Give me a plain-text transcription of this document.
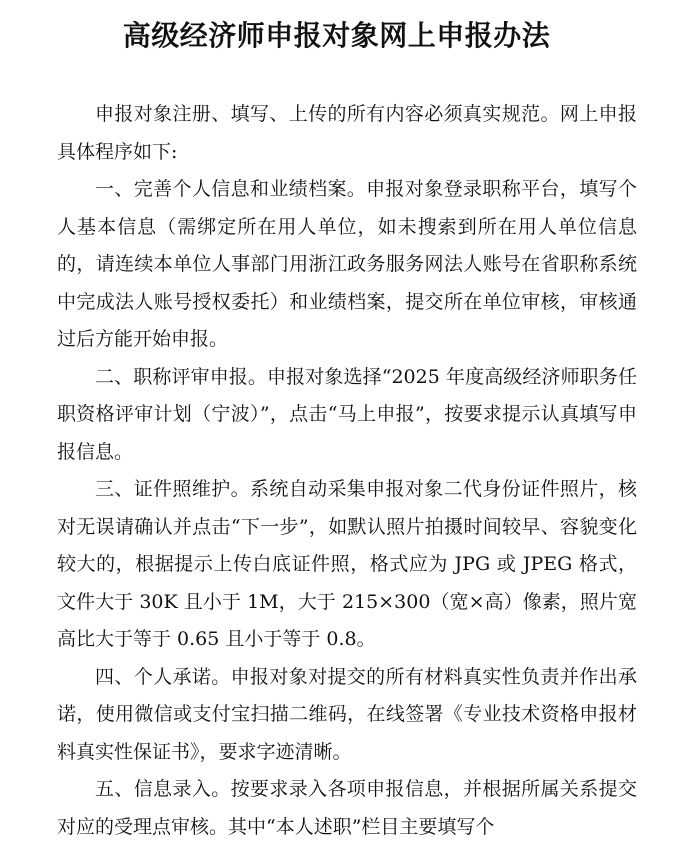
高级经济师申报对象网上申报办法

申报对象注册、填写、上传的所有内容必须真实规范。网上申报具体程序如下:

一、完善个人信息和业绩档案。申报对象登录职称平台，填写个人基本信息（需绑定所在用人单位，如未搜索到所在用人单位信息的，请连续本单位人事部门用浙江政务服务网法人账号在省职称系统中完成法人账号授权委托）和业绩档案，提交所在单位审核，审核通过后方能开始申报。

二、职称评审申报。申报对象选择“2025 年度高级经济师职务任职资格评审计划（宁波）”，点击“马上申报”，按要求提示认真填写申报信息。

三、证件照维护。系统自动采集申报对象二代身份证件照片，核对无误请确认并点击“下一步”，如默认照片拍摄时间较早、容貌变化较大的，根据提示上传白底证件照，格式应为 JPG 或 JPEG 格式，文件大于 30K 且小于 1M，大于 215×300（宽×高）像素，照片宽高比大于等于 0.65 且小于等于 0.8。

四、个人承诺。申报对象对提交的所有材料真实性负责并作出承诺，使用微信或支付宝扫描二维码，在线签署《专业技术资格申报材料真实性保证书》，要求字迹清晰。

五、信息录入。按要求录入各项申报信息，并根据所属关系提交对应的受理点审核。其中“本人述职”栏目主要填写个
